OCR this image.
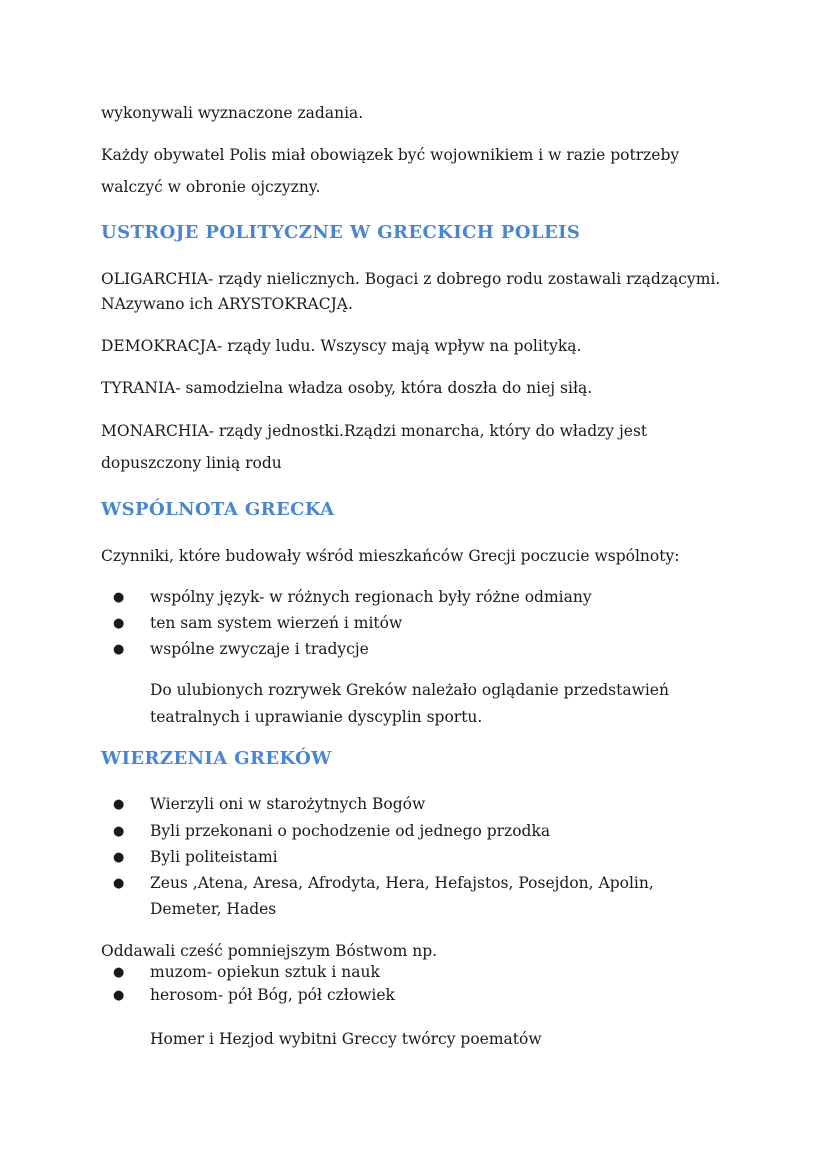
wykonywali wyznaczone zadania.
Każdy obywatel Polis miał obowiązek być wojownikiem i w razie potrzeby
walczyć w obronie ojczyzny.
USTROJE POLITYCZNE W GRECKICH POLEIS
OLIGARCHIA- rządy nielicznych. Bogaci z dobrego rodu zostawali rządzącymi.
NAzywano ich ARYSTOKRACJĄ.
DEMOKRACJA- rządy ludu. Wszyscy mają wpływ na polityką.
TYRANIA- samodzielna władza osoby, która doszła do niej siłą.
MONARCHIA- rządy jednostki.Rządzi monarcha, który do władzy jest
dopuszczony linią rodu
WSPÓLNOTA GRECKA
Czynniki, które budowały wśród mieszkańców Grecji poczucie wspólnoty:
● wspólny język- w różnych regionach były różne odmiany
● ten sam system wierzeń i mitów
● wspólne zwyczaje i tradycje
Do ulubionych rozrywek Greków należało oglądanie przedstawień
teatralnych i uprawianie dyscyplin sportu.
WIERZENIA GREKÓW
● Wierzyli oni w starożytnych Bogów
● Byli przekonani o pochodzenie od jednego przodka
● Byli politeistami
● Zeus ,Atena, Aresa, Afrodyta, Hera, Hefajstos, Posejdon, Apolin,
Demeter, Hades
Oddawali cześć pomniejszym Bóstwom np.
● muzom- opiekun sztuk i nauk
● herosom- pół Bóg, pół człowiek
Homer i Hezjod wybitni Greccy twórcy poematów
